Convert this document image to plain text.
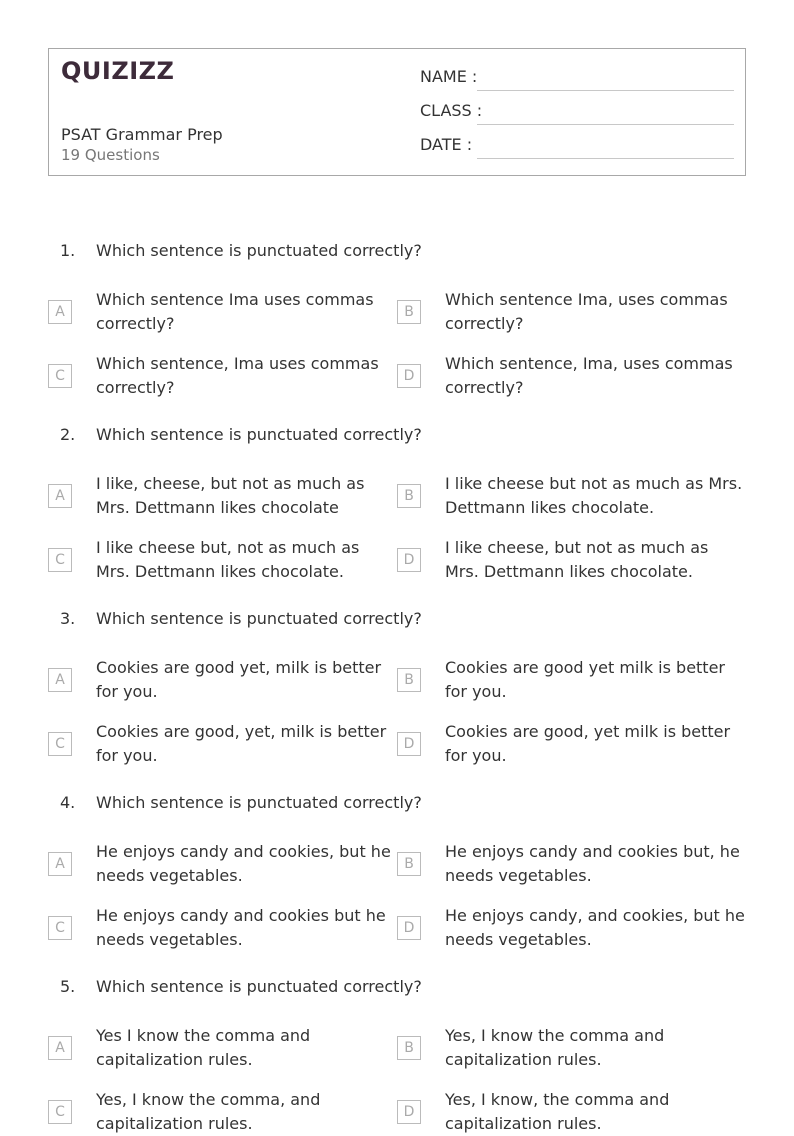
QUIZIZZ
PSAT Grammar Prep
19 Questions
NAME :
CLASS :
DATE :
1. Which sentence is punctuated correctly?
A
Which sentence Ima uses commas correctly?
B
Which sentence Ima, uses commas correctly?
C
Which sentence, Ima uses commas correctly?
D
Which sentence, Ima, uses commas correctly?
2. Which sentence is punctuated correctly?
A
I like, cheese, but not as much as Mrs. Dettmann likes chocolate
B
I like cheese but not as much as Mrs. Dettmann likes chocolate.
C
I like cheese but, not as much as Mrs. Dettmann likes chocolate.
D
I like cheese, but not as much as Mrs. Dettmann likes chocolate.
3. Which sentence is punctuated correctly?
A
Cookies are good yet, milk is better for you.
B
Cookies are good yet milk is better for you.
C
Cookies are good, yet, milk is better for you.
D
Cookies are good, yet milk is better for you.
4. Which sentence is punctuated correctly?
A
He enjoys candy and cookies, but he needs vegetables.
B
He enjoys candy and cookies but, he needs vegetables.
C
He enjoys candy and cookies but he needs vegetables.
D
He enjoys candy, and cookies, but he needs vegetables.
5. Which sentence is punctuated correctly?
A
Yes I know the comma and capitalization rules.
B
Yes, I know the comma and capitalization rules.
C
Yes, I know the comma, and capitalization rules.
D
Yes, I know, the comma and capitalization rules.
